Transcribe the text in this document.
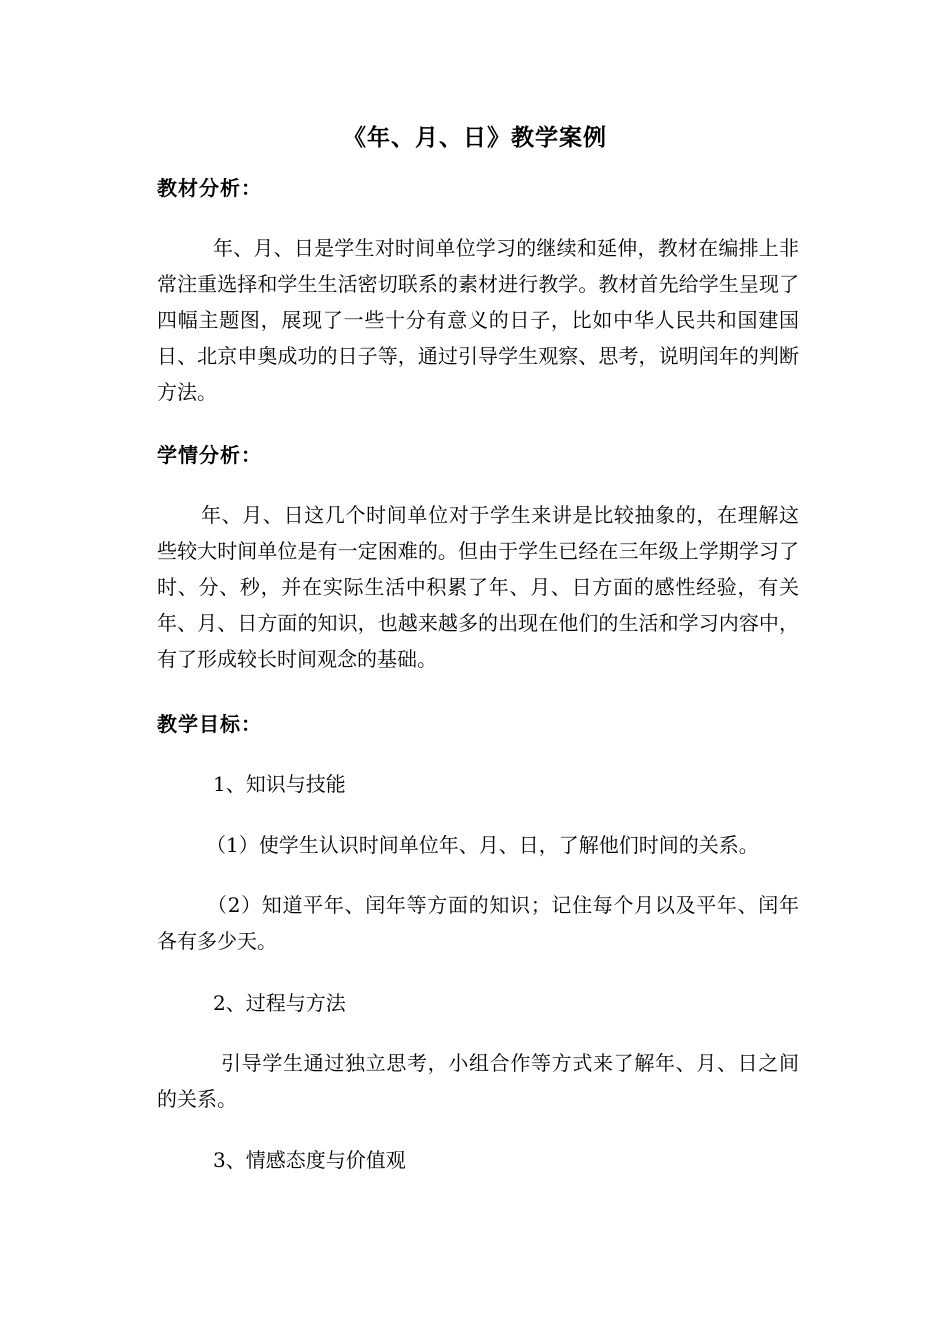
《年、月、日》教学案例
教材分析：
年、月、日是学生对时间单位学习的继续和延伸，教材在编排上非常注重选择和学生生活密切联系的素材进行教学。教材首先给学生呈现了四幅主题图，展现了一些十分有意义的日子，比如中华人民共和国建国日、北京申奥成功的日子等，通过引导学生观察、思考，说明闰年的判断方法。
学情分析：
年、月、日这几个时间单位对于学生来讲是比较抽象的，在理解这些较大时间单位是有一定困难的。但由于学生已经在三年级上学期学习了时、分、秒，并在实际生活中积累了年、月、日方面的感性经验，有关年、月、日方面的知识，也越来越多的出现在他们的生活和学习内容中，有了形成较长时间观念的基础。
教学目标：
1、知识与技能
（1）使学生认识时间单位年、月、日，了解他们时间的关系。
（2）知道平年、闰年等方面的知识；记住每个月以及平年、闰年各有多少天。
2、过程与方法
引导学生通过独立思考，小组合作等方式来了解年、月、日之间的关系。
3、情感态度与价值观
